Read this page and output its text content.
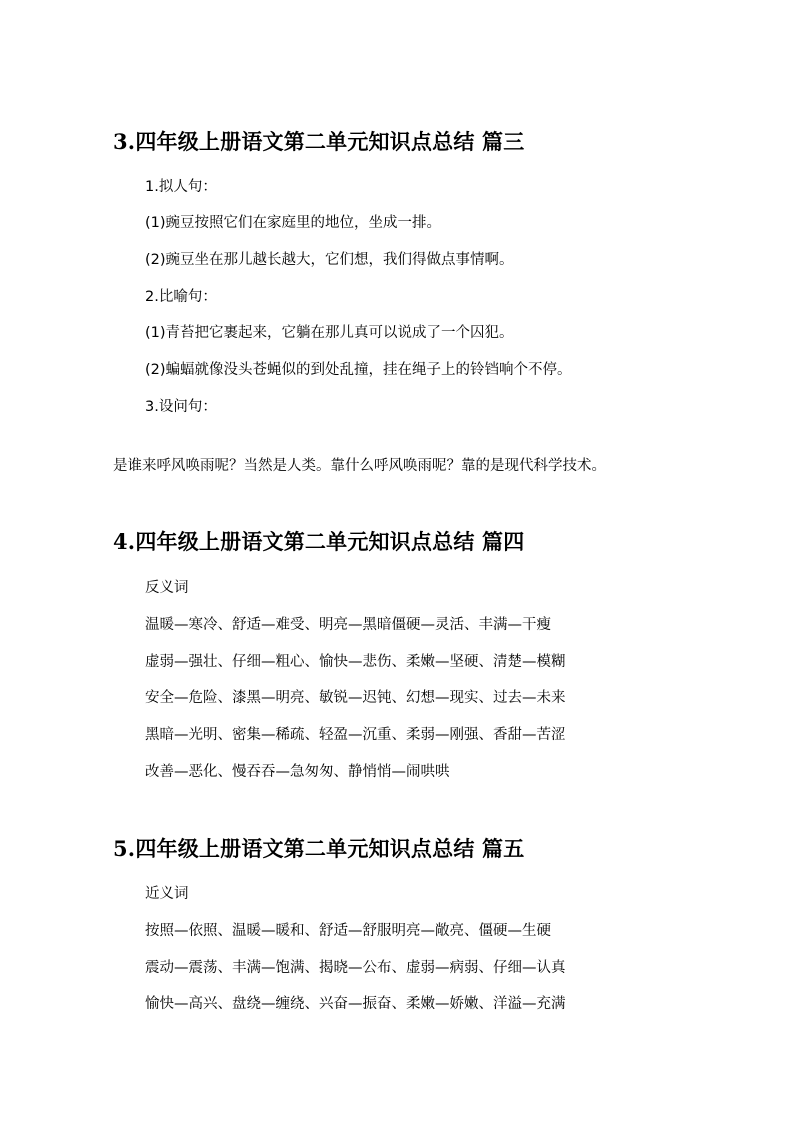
3.四年级上册语文第二单元知识点总结 篇三

1.拟人句：

(1)豌豆按照它们在家庭里的地位，坐成一排。

(2)豌豆坐在那儿越长越大，它们想，我们得做点事情啊。

2.比喻句：

(1)青苔把它裹起来，它躺在那儿真可以说成了一个囚犯。

(2)蝙蝠就像没头苍蝇似的到处乱撞，挂在绳子上的铃铛响个不停。

3.设问句：

是谁来呼风唤雨呢？当然是人类。靠什么呼风唤雨呢？靠的是现代科学技术。

4.四年级上册语文第二单元知识点总结 篇四

反义词

温暖—寒冷、舒适—难受、明亮—黑暗僵硬—灵活、丰满—干瘦

虚弱—强壮、仔细—粗心、愉快—悲伤、柔嫩—坚硬、清楚—模糊

安全—危险、漆黑—明亮、敏锐—迟钝、幻想—现实、过去—未来

黑暗—光明、密集—稀疏、轻盈—沉重、柔弱—刚强、香甜—苦涩

改善—恶化、慢吞吞—急匆匆、静悄悄—闹哄哄

5.四年级上册语文第二单元知识点总结 篇五

近义词

按照—依照、温暖—暖和、舒适—舒服明亮—敞亮、僵硬—生硬

震动—震荡、丰满—饱满、揭晓—公布、虚弱—病弱、仔细—认真

愉快—高兴、盘绕—缠绕、兴奋—振奋、柔嫩—娇嫩、洋溢—充满
